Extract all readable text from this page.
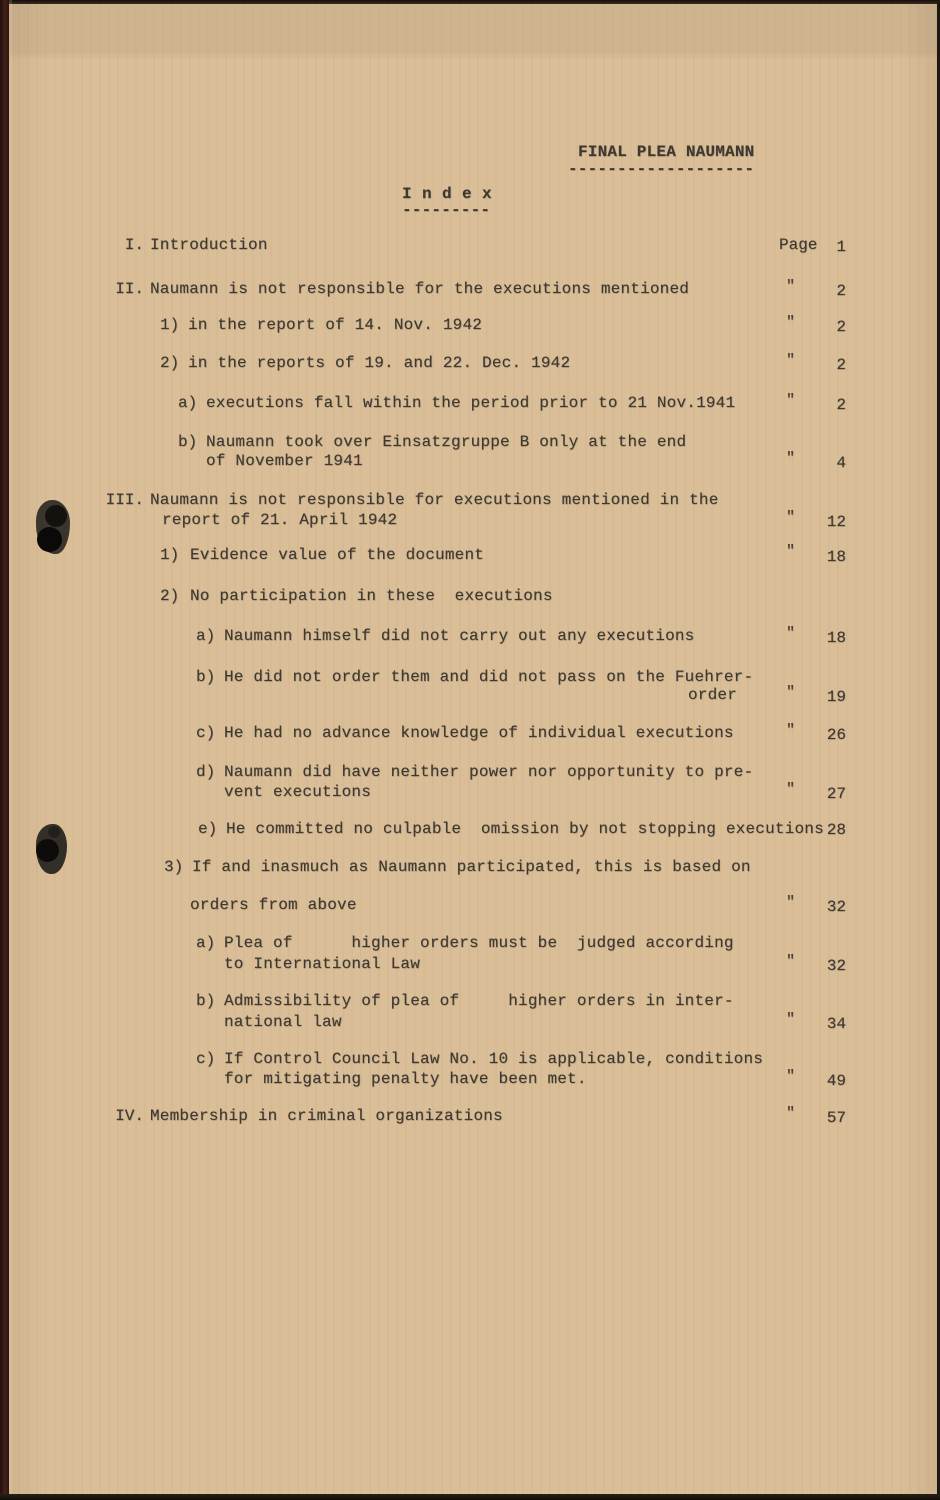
FINAL PLEA NAUMANN
-------------------
I n d e x
---------
I. Introduction	Page	1
II. Naumann is not responsible for the executions mentioned	"	2
1) in the report of 14. Nov. 1942	"	2
2) in the reports of 19. and 22. Dec. 1942	"	2
a) executions fall within the period prior to 21 Nov.1941	"	2
b) Naumann took over Einsatzgruppe B only at the end
of November 1941	"	4
III. Naumann is not responsible for executions mentioned in the
report of 21. April 1942	"	12
1) Evidence value of the document	"	18
2) No participation in these  executions
a) Naumann himself did not carry out any executions	"	18
b) He did not order them and did not pass on the Fuehrer-
order	"	19
c) He had no advance knowledge of individual executions	"	26
d) Naumann did have neither power nor opportunity to pre-
vent executions	"	27
e) He committed no culpable  omission by not stopping executions 28
3) If and inasmuch as Naumann participated, this is based on
orders from above	"	32
a) Plea of      higher orders must be  judged according
to International Law	"	32
b) Admissibility of plea of     higher orders in inter-
national law	"	34
c) If Control Council Law No. 10 is applicable, conditions
for mitigating penalty have been met.	"	49
IV. Membership in criminal organizations	"	57
